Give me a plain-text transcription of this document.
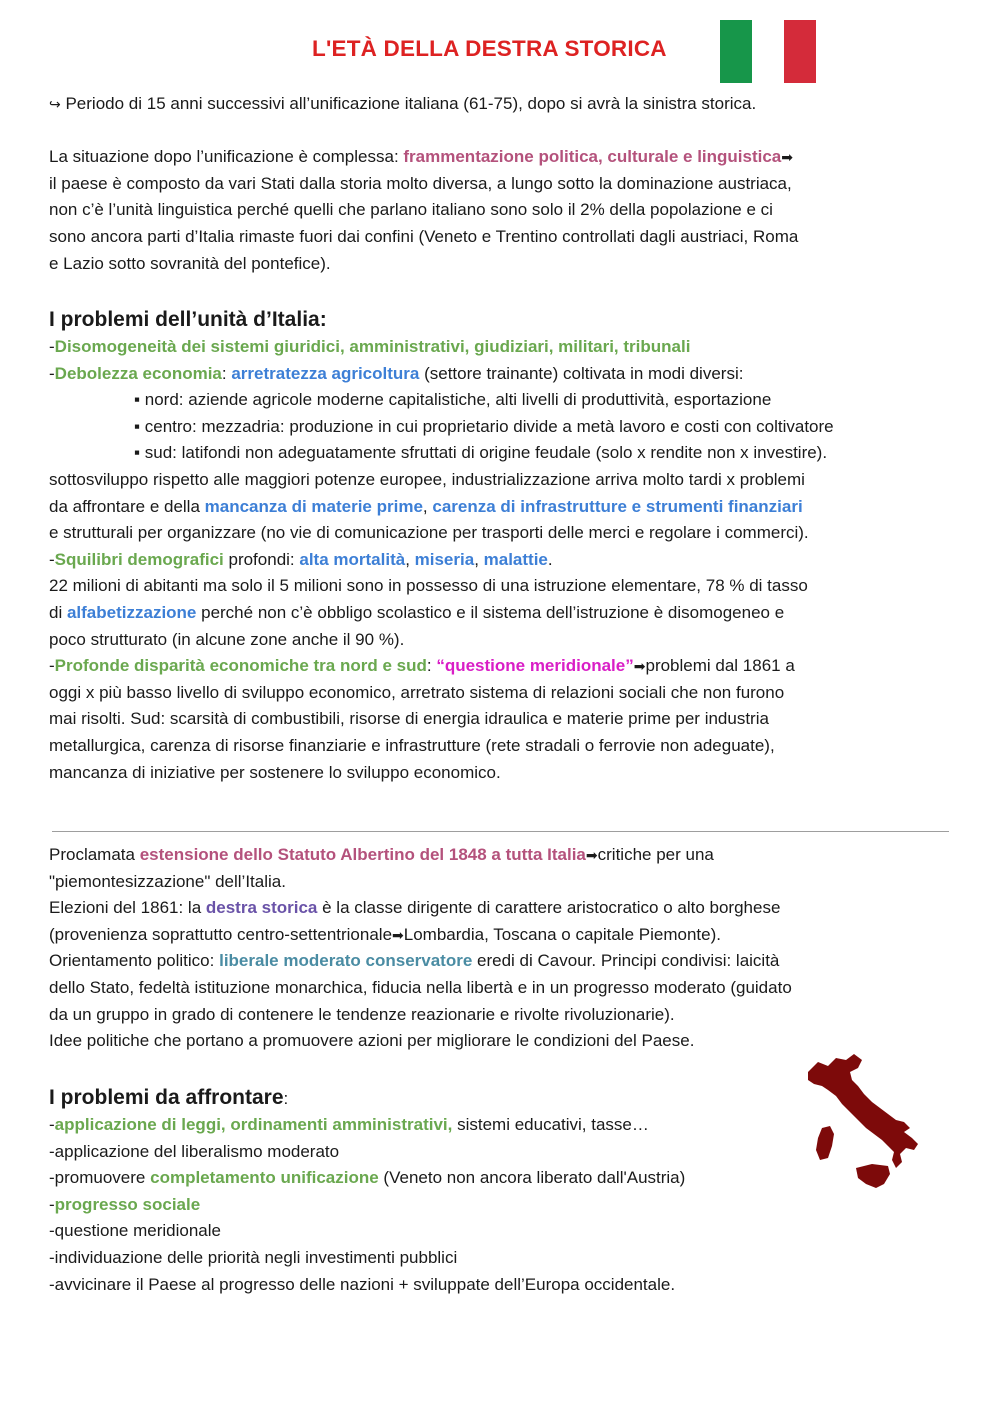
L'ETÀ DELLA DESTRA STORICA
↪ Periodo di 15 anni successivi all’unificazione italiana (61-75), dopo si avrà la sinistra storica.
La situazione dopo l’unificazione è complessa: frammentazione politica, culturale e linguistica➡
il paese è composto da vari Stati dalla storia molto diversa, a lungo sotto la dominazione austriaca,
non c’è l’unità linguistica perché quelli che parlano italiano sono solo il 2% della popolazione e ci
sono ancora parti d’Italia rimaste fuori dai confini (Veneto e Trentino controllati dagli austriaci, Roma
e Lazio sotto sovranità del pontefice).
I problemi dell’unità d’Italia:
-Disomogeneità dei sistemi giuridici, amministrativi, giudiziari, militari, tribunali
-Debolezza economia: arretratezza agricoltura (settore trainante) coltivata in modi diversi:
▪ nord: aziende agricole moderne capitalistiche, alti livelli di produttività, esportazione
▪ centro: mezzadria: produzione in cui proprietario divide a metà lavoro e costi con coltivatore
▪ sud: latifondi non adeguatamente sfruttati di origine feudale (solo x rendite non x investire).
sottosviluppo rispetto alle maggiori potenze europee, industrializzazione arriva molto tardi x problemi
da affrontare e della mancanza di materie prime, carenza di infrastrutture e strumenti finanziari
e strutturali per organizzare (no vie di comunicazione per trasporti delle merci e regolare i commerci).
-Squilibri demografici profondi: alta mortalità, miseria, malattie.
22 milioni di abitanti ma solo il 5 milioni sono in possesso di una istruzione elementare, 78 % di tasso
di alfabetizzazione perché non c’è obbligo scolastico e il sistema dell’istruzione è disomogeneo e
poco strutturato (in alcune zone anche il 90 %).
-Profonde disparità economiche tra nord e sud: “questione meridionale”➡problemi dal 1861 a
oggi x più basso livello di sviluppo economico, arretrato sistema di relazioni sociali che non furono
mai risolti. Sud: scarsità di combustibili, risorse di energia idraulica e materie prime per industria
metallurgica, carenza di risorse finanziarie e infrastrutture (rete stradali o ferrovie non adeguate),
mancanza di iniziative per sostenere lo sviluppo economico.
Proclamata estensione dello Statuto Albertino del 1848 a tutta Italia➡critiche per una
"piemontesizzazione" dell’Italia.
Elezioni del 1861: la destra storica è la classe dirigente di carattere aristocratico o alto borghese
(provenienza soprattutto centro-settentrionale➡Lombardia, Toscana o capitale Piemonte).
Orientamento politico: liberale moderato conservatore eredi di Cavour. Principi condivisi: laicità
dello Stato, fedeltà istituzione monarchica, fiducia nella libertà e in un progresso moderato (guidato
da un gruppo in grado di contenere le tendenze reazionarie e rivolte rivoluzionarie).
Idee politiche che portano a promuovere azioni per migliorare le condizioni del Paese.
I problemi da affrontare:
-applicazione di leggi, ordinamenti amministrativi, sistemi educativi, tasse…
-applicazione del liberalismo moderato
-promuovere completamento unificazione (Veneto non ancora liberato dall'Austria)
-progresso sociale
-questione meridionale
-individuazione delle priorità negli investimenti pubblici
-avvicinare il Paese al progresso delle nazioni + sviluppate dell’Europa occidentale.
